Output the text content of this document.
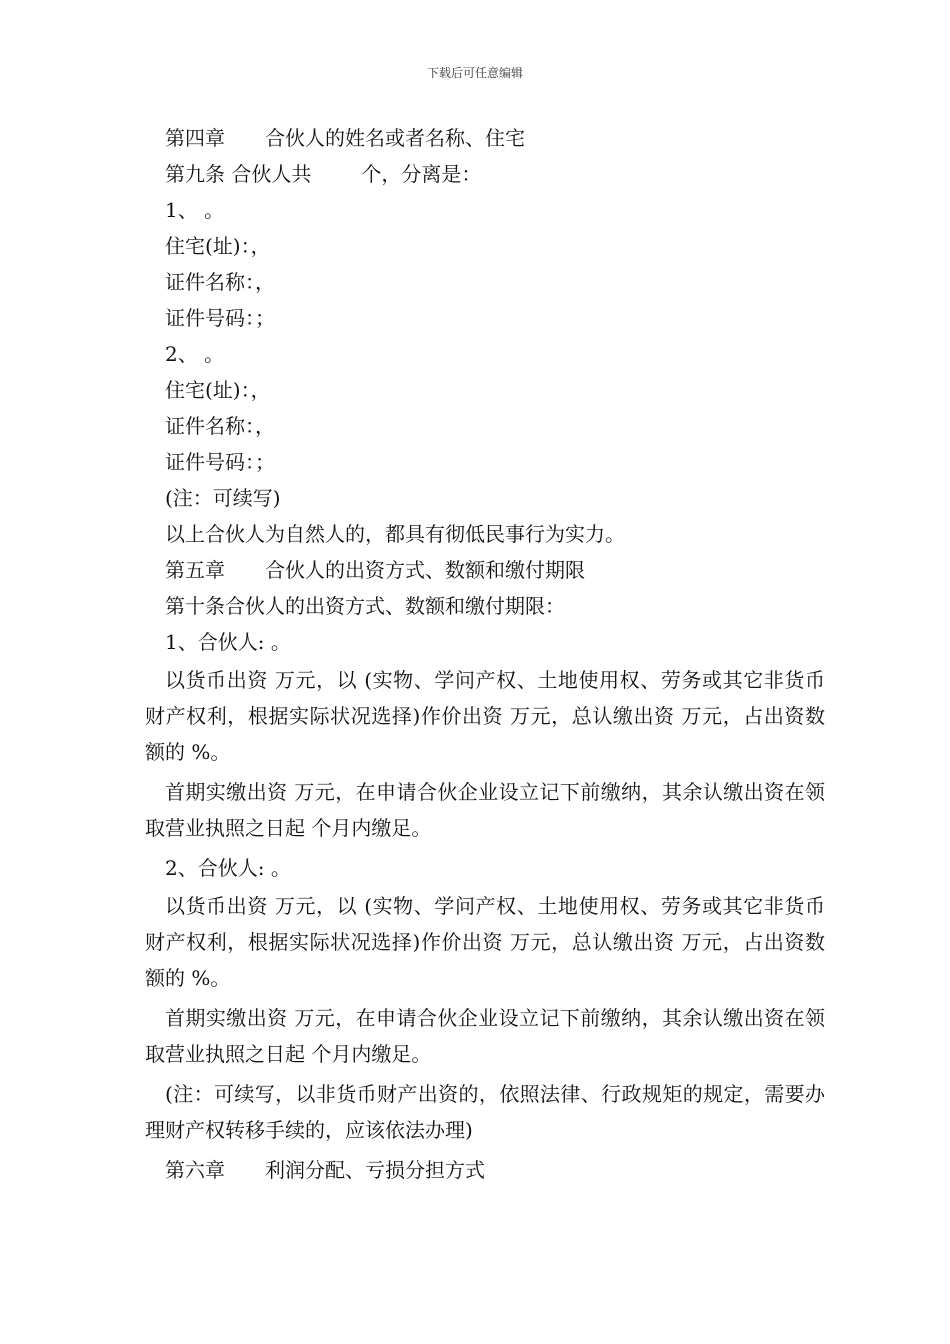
下载后可任意编辑
第四章 合伙人的姓名或者名称、住宅
第九条 合伙人共	个，分离是：
1、 。
住宅(址)：，
证件名称：，
证件号码：；
2、 。
住宅(址)：，
证件名称：，
证件号码：；
(注：可续写)
以上合伙人为自然人的，都具有彻低民事行为实力。
第五章 合伙人的出资方式、数额和缴付期限
第十条合伙人的出资方式、数额和缴付期限：
1、合伙人: 。
以货币出资 万元，以 (实物、学问产权、土地使用权、劳务或其它非货币财产权利，根据实际状况选择)作价出资 万元，总认缴出资 万元，占出资数额的 %。
首期实缴出资 万元，在申请合伙企业设立记下前缴纳，其余认缴出资在领取营业执照之日起 个月内缴足。
2、合伙人: 。
以货币出资 万元，以 (实物、学问产权、土地使用权、劳务或其它非货币财产权利，根据实际状况选择)作价出资 万元，总认缴出资 万元，占出资数额的 %。
首期实缴出资 万元，在申请合伙企业设立记下前缴纳，其余认缴出资在领取营业执照之日起 个月内缴足。
(注：可续写，以非货币财产出资的，依照法律、行政规矩的规定，需要办理财产权转移手续的，应该依法办理)
第六章 利润分配、亏损分担方式
